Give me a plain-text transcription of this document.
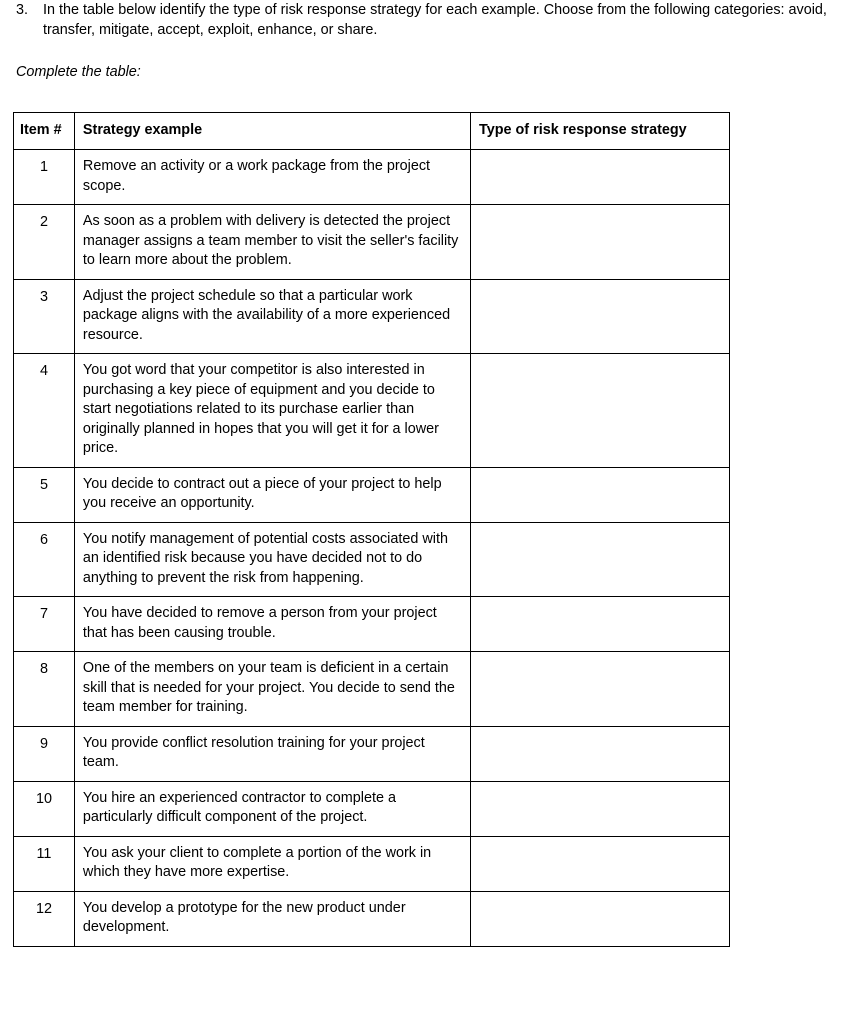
3. In the table below identify the type of risk response strategy for each example. Choose from the following categories: avoid, transfer, mitigate, accept, exploit, enhance, or share.
Complete the table:
Item #	Strategy example	Type of risk response strategy
1	Remove an activity or a work package from the project scope.	

2	As soon as a problem with delivery is detected the project manager assigns a team member to visit the seller's facility to learn more about the problem.	

3	Adjust the project schedule so that a particular work package aligns with the availability of a more experienced resource.	

4	You got word that your competitor is also interested in purchasing a key piece of equipment and you decide to start negotiations related to its purchase earlier than originally planned in hopes that you will get it for a lower price.	

5	You decide to contract out a piece of your project to help you receive an opportunity.	

6	You notify management of potential costs associated with an identified risk because you have decided not to do anything to prevent the risk from happening.	

7	You have decided to remove a person from your project that has been causing trouble.	

8	One of the members on your team is deficient in a certain skill that is needed for your project. You decide to send the team member for training.	

9	You provide conflict resolution training for your project team.	

10	You hire an experienced contractor to complete a particularly difficult component of the project.	

11	You ask your client to complete a portion of the work in which they have more expertise.	

12	You develop a prototype for the new product under development.	
